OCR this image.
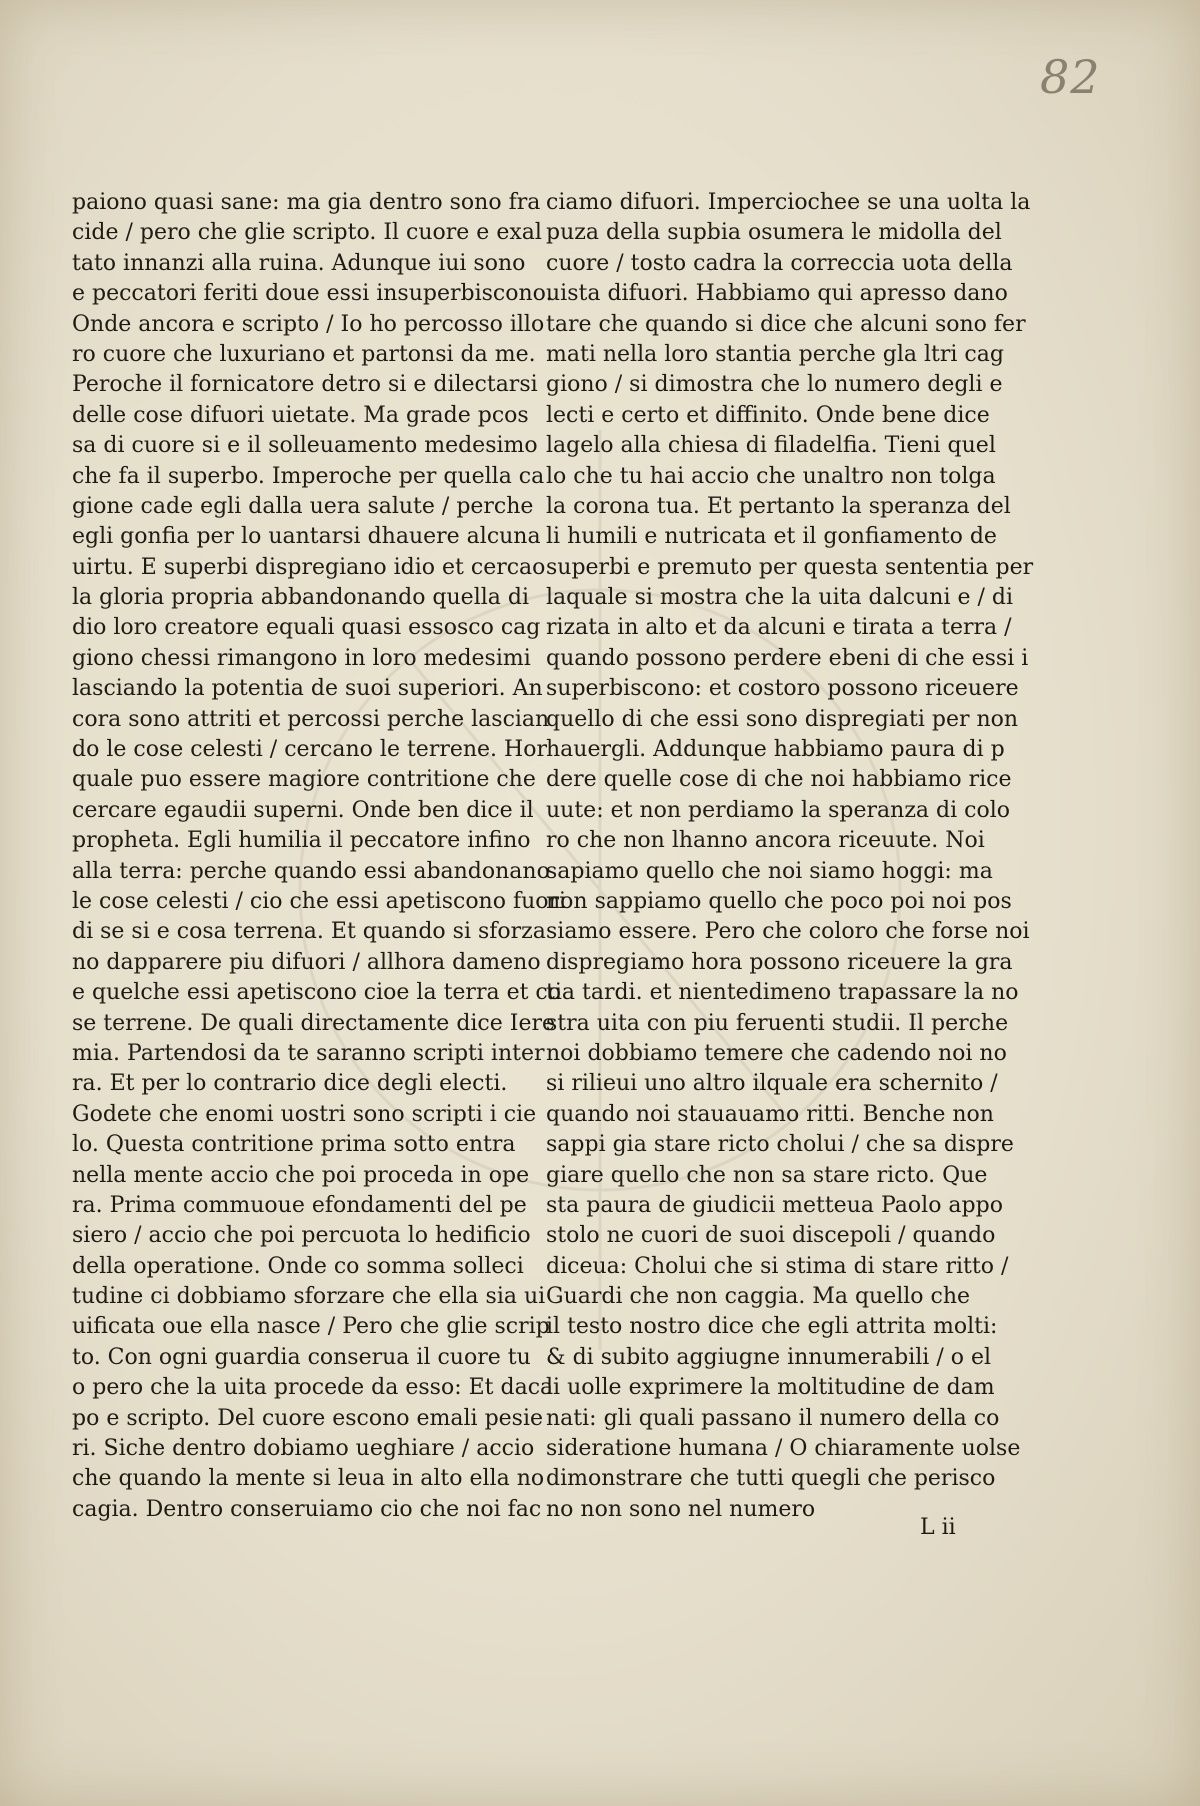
82
paiono quasi sane: ma gia dentro sono fra
cide / pero che glie scripto. Il cuore e exal
tato innanzi alla ruina. Adunque iui sono
e peccatori feriti doue essi insuperbiscono.
Onde ancora e scripto / Io ho percosso illo
ro cuore che luxuriano et partonsi da me.
Peroche il fornicatore detro si e dilectarsi
delle cose difuori uietate. Ma grade pcos
sa di cuore si e il solleuamento medesimo
che fa il superbo. Imperoche per quella ca
gione cade egli dalla uera salute / perche
egli gonfia per lo uantarsi dhauere alcuna
uirtu. E superbi dispregiano idio et cercao
la gloria propria abbandonando quella di
dio loro creatore equali quasi essosco cag
giono chessi rimangono in loro medesimi
lasciando la potentia de suoi superiori. An
cora sono attriti et percossi perche lascian
do le cose celesti / cercano le terrene. Hor
quale puo essere magiore contritione che
cercare egaudii superni. Onde ben dice il
propheta. Egli humilia il peccatore infino
alla terra: perche quando essi abandonano
le cose celesti / cio che essi apetiscono fuori
di se si e cosa terrena. Et quando si sforza
no dapparere piu difuori / allhora dameno
e quelche essi apetiscono cioe la terra et co
se terrene. De quali directamente dice Iere
mia. Partendosi da te saranno scripti inter
ra. Et per lo contrario dice degli electi.
Godete che enomi uostri sono scripti i cie
lo. Questa contritione prima sotto entra
nella mente accio che poi proceda in ope
ra. Prima commuoue efondamenti del pe
siero / accio che poi percuota lo hedificio
della operatione. Onde co somma solleci
tudine ci dobbiamo sforzare che ella sia ui
uificata oue ella nasce / Pero che glie scrip
to. Con ogni guardia conserua il cuore tu
o pero che la uita procede da esso: Et daca
po e scripto. Del cuore escono emali pesie
ri. Siche dentro dobiamo ueghiare / accio
che quando la mente si leua in alto ella no
cagia. Dentro conseruiamo cio che noi fac
ciamo difuori. Imperciochee se una uolta la
puza della supbia osumera le midolla del
cuore / tosto cadra la correccia uota della
uista difuori. Habbiamo qui apresso dano
tare che quando si dice che alcuni sono fer
mati nella loro stantia perche gla ltri cag
giono / si dimostra che lo numero degli e
lecti e certo et diffinito. Onde bene dice
lagelo alla chiesa di filadelfia. Tieni quel
lo che tu hai accio che unaltro non tolga
la corona tua. Et pertanto la speranza del
li humili e nutricata et il gonfiamento de
superbi e premuto per questa sententia per
laquale si mostra che la uita dalcuni e / di
rizata in alto et da alcuni e tirata a terra /
quando possono perdere ebeni di che essi i
superbiscono: et costoro possono riceuere
quello di che essi sono dispregiati per non
hauergli. Addunque habbiamo paura di p
dere quelle cose di che noi habbiamo rice
uute: et non perdiamo la speranza di colo
ro che non lhanno ancora riceuute. Noi
sapiamo quello che noi siamo hoggi: ma
non sappiamo quello che poco poi noi pos
siamo essere. Pero che coloro che forse noi
dispregiamo hora possono riceuere la gra
tia tardi. et nientedimeno trapassare la no
stra uita con piu feruenti studii. Il perche
noi dobbiamo temere che cadendo noi no
si rilieui uno altro ilquale era schernito /
quando noi stauauamo ritti. Benche non
sappi gia stare ricto cholui / che sa dispre
giare quello che non sa stare ricto. Que
sta paura de giudicii metteua Paolo appo
stolo ne cuori de suoi discepoli / quando
diceua: Cholui che si stima di stare ritto /
Guardi che non caggia. Ma quello che
il testo nostro dice che egli attrita molti:
& di subito aggiugne innumerabili / o el
li uolle exprimere la moltitudine de dam
nati: gli quali passano il numero della co
sideratione humana / O chiaramente uolse
dimonstrare che tutti quegli che perisco
no non sono nel numero
L ii
